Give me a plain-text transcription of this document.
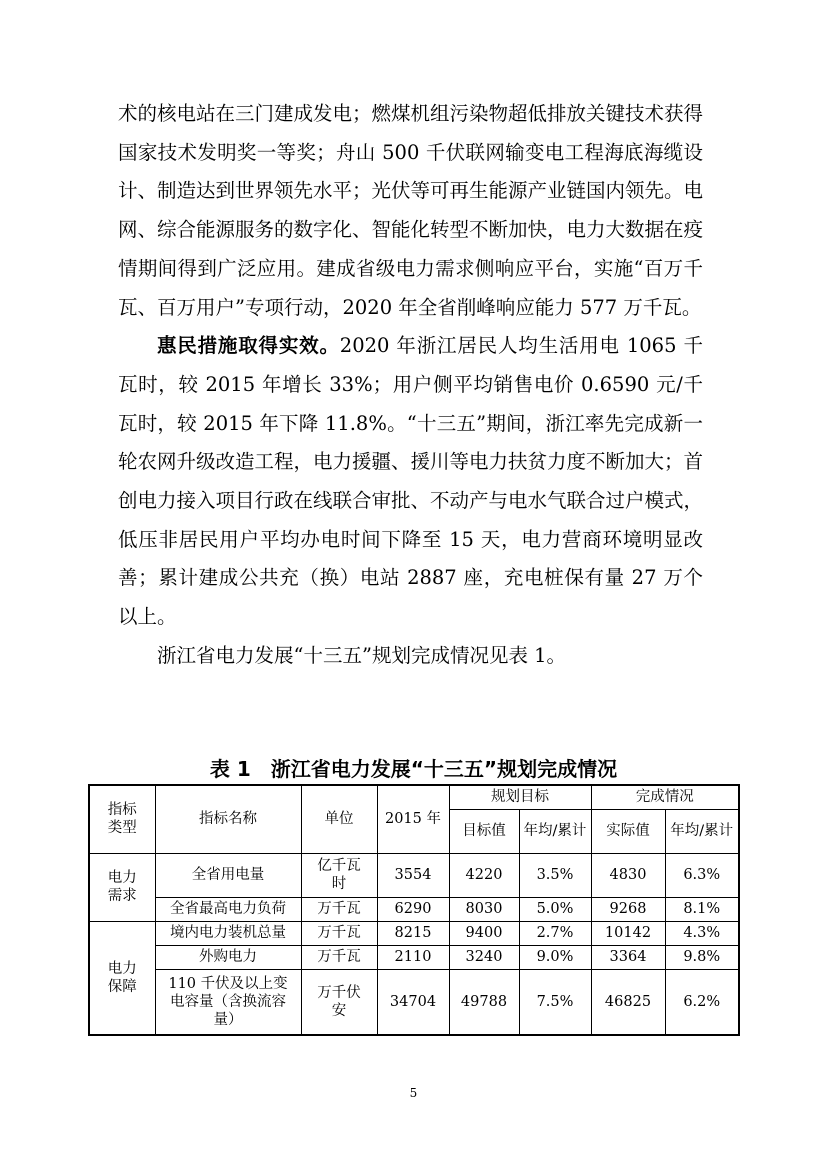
术的核电站在三门建成发电；燃煤机组污染物超低排放关键技术获得国家技术发明奖一等奖；舟山 500 千伏联网输变电工程海底海缆设计、制造达到世界领先水平；光伏等可再生能源产业链国内领先。电网、综合能源服务的数字化、智能化转型不断加快，电力大数据在疫情期间得到广泛应用。建成省级电力需求侧响应平台，实施“百万千瓦、百万用户”专项行动，2020 年全省削峰响应能力 577 万千瓦。

惠民措施取得实效。2020 年浙江居民人均生活用电 1065 千瓦时，较 2015 年增长 33%；用户侧平均销售电价 0.6590 元/千瓦时，较 2015 年下降 11.8%。“十三五”期间，浙江率先完成新一轮农网升级改造工程，电力援疆、援川等电力扶贫力度不断加大；首创电力接入项目行政在线联合审批、不动产与电水气联合过户模式，低压非居民用户平均办电时间下降至 15 天，电力营商环境明显改善；累计建成公共充（换）电站 2887 座，充电桩保有量 27 万个以上。

浙江省电力发展“十三五”规划完成情况见表 1。

表 1　浙江省电力发展“十三五”规划完成情况
指标类型	指标名称	单位	2015 年	规划目标		完成情况	
				目标值	年均/累计	实际值	年均/累计
电力需求	全省用电量	亿千瓦时	3554	4220	3.5%	4830	6.3%
	全省最高电力负荷	万千瓦	6290	8030	5.0%	9268	8.1%
电力保障	境内电力装机总量	万千瓦	8215	9400	2.7%	10142	4.3%
	外购电力	万千瓦	2110	3240	9.0%	3364	9.8%
	110 千伏及以上变电容量（含换流容量）	万千伏安	34704	49788	7.5%	46825	6.2%
5
